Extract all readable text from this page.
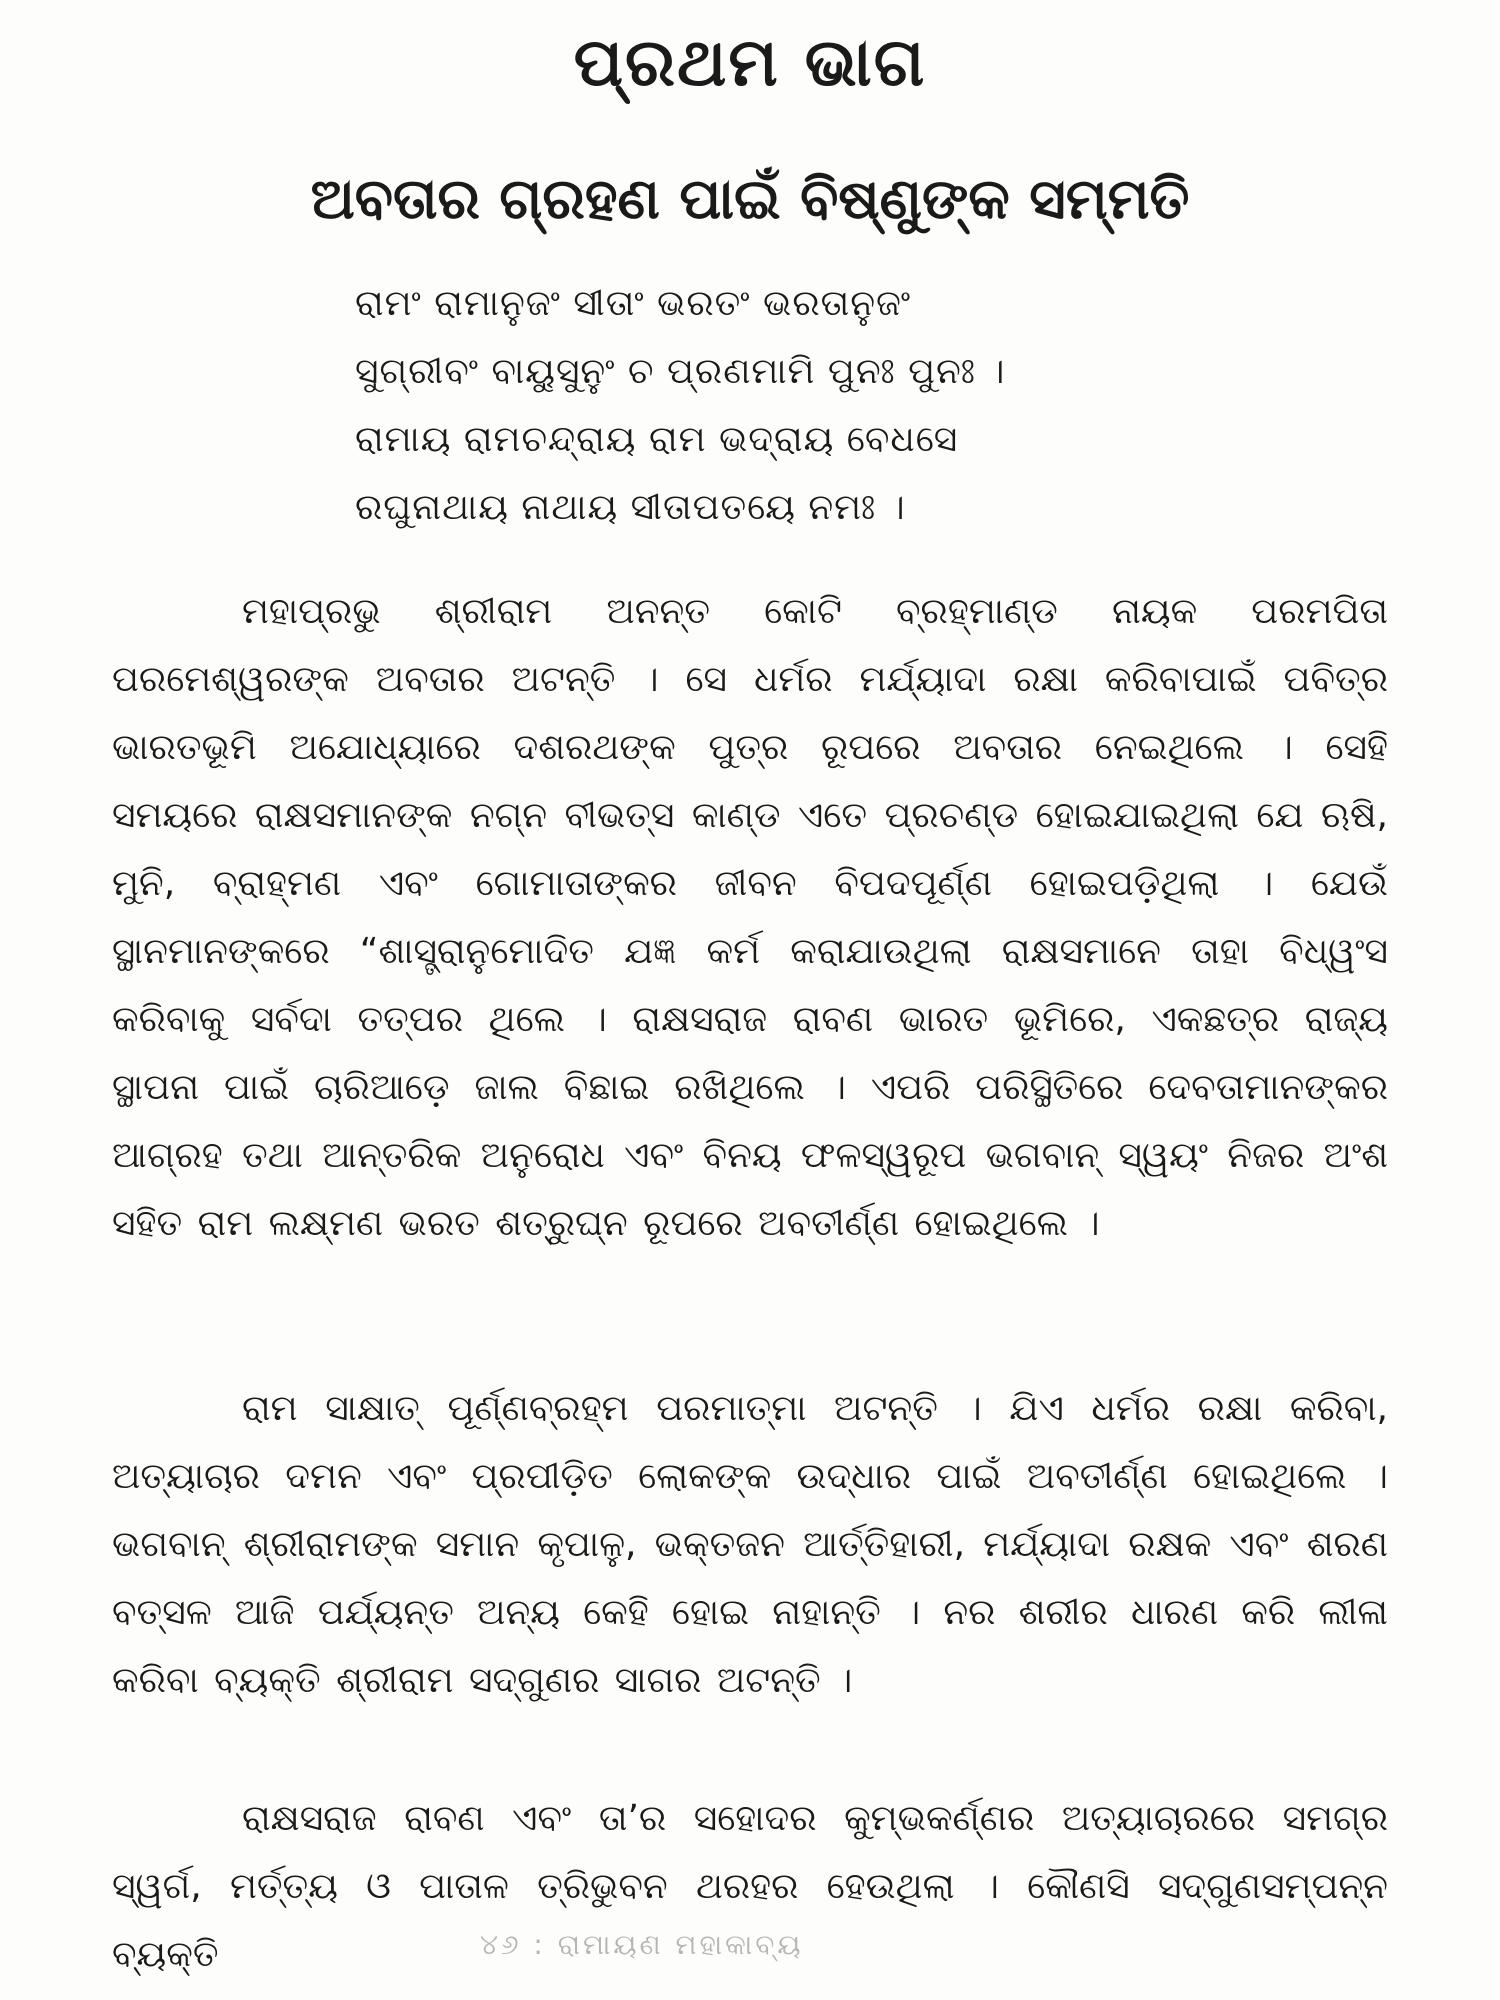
ପ୍ରଥମ ଭାଗ
ଅବତାର ଗ୍ରହଣ ପାଇଁ ବିଷ୍ଣୁଙ୍କ ସମ୍ମତି
ରାମଂ ରାମାନୁଜଂ ସୀତାଂ ଭରତଂ ଭରତାନୁଜଂ
ସୁଗ୍ରୀବଂ ବାୟୁସୁନୁଂ ଚ ପ୍ରଣମାମି ପୁନଃ ପୁନଃ ।
ରାମାୟ ରାମଚନ୍ଦ୍ରାୟ ରାମ ଭଦ୍ରାୟ ବେଧସେ
ରଘୁନାଥାୟ ନାଥାୟ ସୀତାପତୟେ ନମଃ ।

ମହାପ୍ରଭୁ ଶ୍ରୀରାମ ଅନନ୍ତ କୋଟି ବ୍ରହ୍ମାଣ୍ଡ ନାୟକ ପରମପିତା ପରମେଶ୍ୱରଙ୍କ ଅବତାର ଅଟନ୍ତି । ସେ ଧର୍ମର ମର୍ଯ୍ୟାଦା ରକ୍ଷା କରିବାପାଇଁ ପବିତ୍ର ଭାରତଭୂମି ଅଯୋଧ୍ୟାରେ ଦଶରଥଙ୍କ ପୁତ୍ର ରୂପରେ ଅବତାର ନେଇଥିଲେ । ସେହି ସମୟରେ ରାକ୍ଷସମାନଙ୍କ ନଗ୍ନ ବୀଭତ୍ସ କାଣ୍ଡ ଏତେ ପ୍ରଚଣ୍ଡ ହୋଇଯାଇଥିଲା ଯେ ଋଷି, ମୁନି, ବ୍ରାହ୍ମଣ ଏବଂ ଗୋମାତାଙ୍କର ଜୀବନ ବିପଦପୂର୍ଣ୍ଣ ହୋଇପଡ଼ିଥିଲା । ଯେଉଁ ସ୍ଥାନମାନଙ୍କରେ “ଶାସ୍ତ୍ରାନୁମୋଦିତ ଯଜ୍ଞ କର୍ମ କରାଯାଉଥିଲା ରାକ୍ଷସମାନେ ତାହା ବିଧ୍ୱଂସ କରିବାକୁ ସର୍ବଦା ତତ୍ପର ଥିଲେ । ରାକ୍ଷସରାଜ ରାବଣ ଭାରତ ଭୂମିରେ, ଏକଛତ୍ର ରାଜ୍ୟ ସ୍ଥାପନା ପାଇଁ ଚାରିଆଡ଼େ ଜାଲ ବିଛାଇ ରଖିଥିଲେ । ଏପରି ପରିସ୍ଥିତିରେ ଦେବତାମାନଙ୍କର ଆଗ୍ରହ ତଥା ଆନ୍ତରିକ ଅନୁରୋଧ ଏବଂ ବିନୟ ଫଳସ୍ୱରୂପ ଭଗବାନ୍ ସ୍ୱୟଂ ନିଜର ଅଂଶ ସହିତ ରାମ ଲକ୍ଷ୍ମଣ ଭରତ ଶତ୍ରୁଘ୍ନ ରୂପରେ ଅବତୀର୍ଣ୍ଣ ହୋଇଥିଲେ ।

ରାମ ସାକ୍ଷାତ୍ ପୂର୍ଣ୍ଣବ୍ରହ୍ମ ପରମାତ୍ମା ଅଟନ୍ତି । ଯିଏ ଧର୍ମର ରକ୍ଷା କରିବା, ଅତ୍ୟାଚାର ଦମନ ଏବଂ ପ୍ରପୀଡ଼ିତ ଲୋକଙ୍କ ଉଦ୍ଧାର ପାଇଁ ଅବତୀର୍ଣ୍ଣ ହୋଇଥିଲେ । ଭଗବାନ୍ ଶ୍ରୀରାମଙ୍କ ସମାନ କୃପାଳୁ, ଭକ୍ତଜନ ଆର୍ତ୍ତିହାରୀ, ମର୍ଯ୍ୟାଦା ରକ୍ଷକ ଏବଂ ଶରଣ ବତ୍ସଳ ଆଜି ପର୍ଯ୍ୟନ୍ତ ଅନ୍ୟ କେହି ହୋଇ ନାହାନ୍ତି । ନର ଶରୀର ଧାରଣ କରି ଲୀଳା କରିବା ବ୍ୟକ୍ତି ଶ୍ରୀରାମ ସଦ୍‌ଗୁଣର ସାଗର ଅଟନ୍ତି ।

ରାକ୍ଷସରାଜ ରାବଣ ଏବଂ ତା’ର ସହୋଦର କୁମ୍ଭକର୍ଣ୍ଣର ଅତ୍ୟାଚାରରେ ସମଗ୍ର ସ୍ୱର୍ଗ, ମର୍ତ୍ତ୍ୟ ଓ ପାତାଳ ତ୍ରିଭୁବନ ଥରହର ହେଉଥିଲା । କୌଣସି ସଦ୍‌ଗୁଣସମ୍ପନ୍ନ ବ୍ୟକ୍ତି	୪୬ : ରାମାୟଣ ମହାକାବ୍ୟ
